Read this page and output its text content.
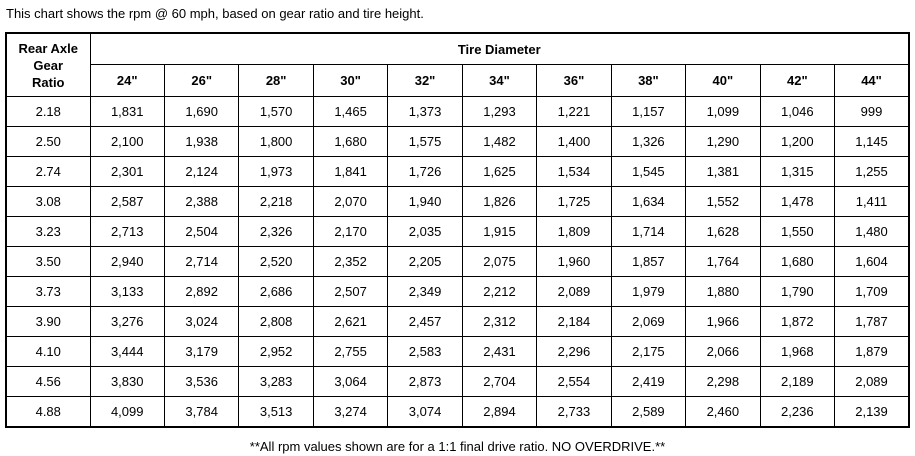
This chart shows the rpm @ 60 mph, based on gear ratio and tire height.
Rear Axle
Gear
Ratio	Tire Diameter										
	24"	26"	28"	30"	32"	34"	36"	38"	40"	42"	44"
2.18	1,831	1,690	1,570	1,465	1,373	1,293	1,221	1,157	1,099	1,046	999
2.50	2,100	1,938	1,800	1,680	1,575	1,482	1,400	1,326	1,290	1,200	1,145
2.74	2,301	2,124	1,973	1,841	1,726	1,625	1,534	1,545	1,381	1,315	1,255
3.08	2,587	2,388	2,218	2,070	1,940	1,826	1,725	1,634	1,552	1,478	1,411
3.23	2,713	2,504	2,326	2,170	2,035	1,915	1,809	1,714	1,628	1,550	1,480
3.50	2,940	2,714	2,520	2,352	2,205	2,075	1,960	1,857	1,764	1,680	1,604
3.73	3,133	2,892	2,686	2,507	2,349	2,212	2,089	1,979	1,880	1,790	1,709
3.90	3,276	3,024	2,808	2,621	2,457	2,312	2,184	2,069	1,966	1,872	1,787
4.10	3,444	3,179	2,952	2,755	2,583	2,431	2,296	2,175	2,066	1,968	1,879
4.56	3,830	3,536	3,283	3,064	2,873	2,704	2,554	2,419	2,298	2,189	2,089
4.88	4,099	3,784	3,513	3,274	3,074	2,894	2,733	2,589	2,460	2,236	2,139
**All rpm values shown are for a 1:1 final drive ratio. NO OVERDRIVE.**
